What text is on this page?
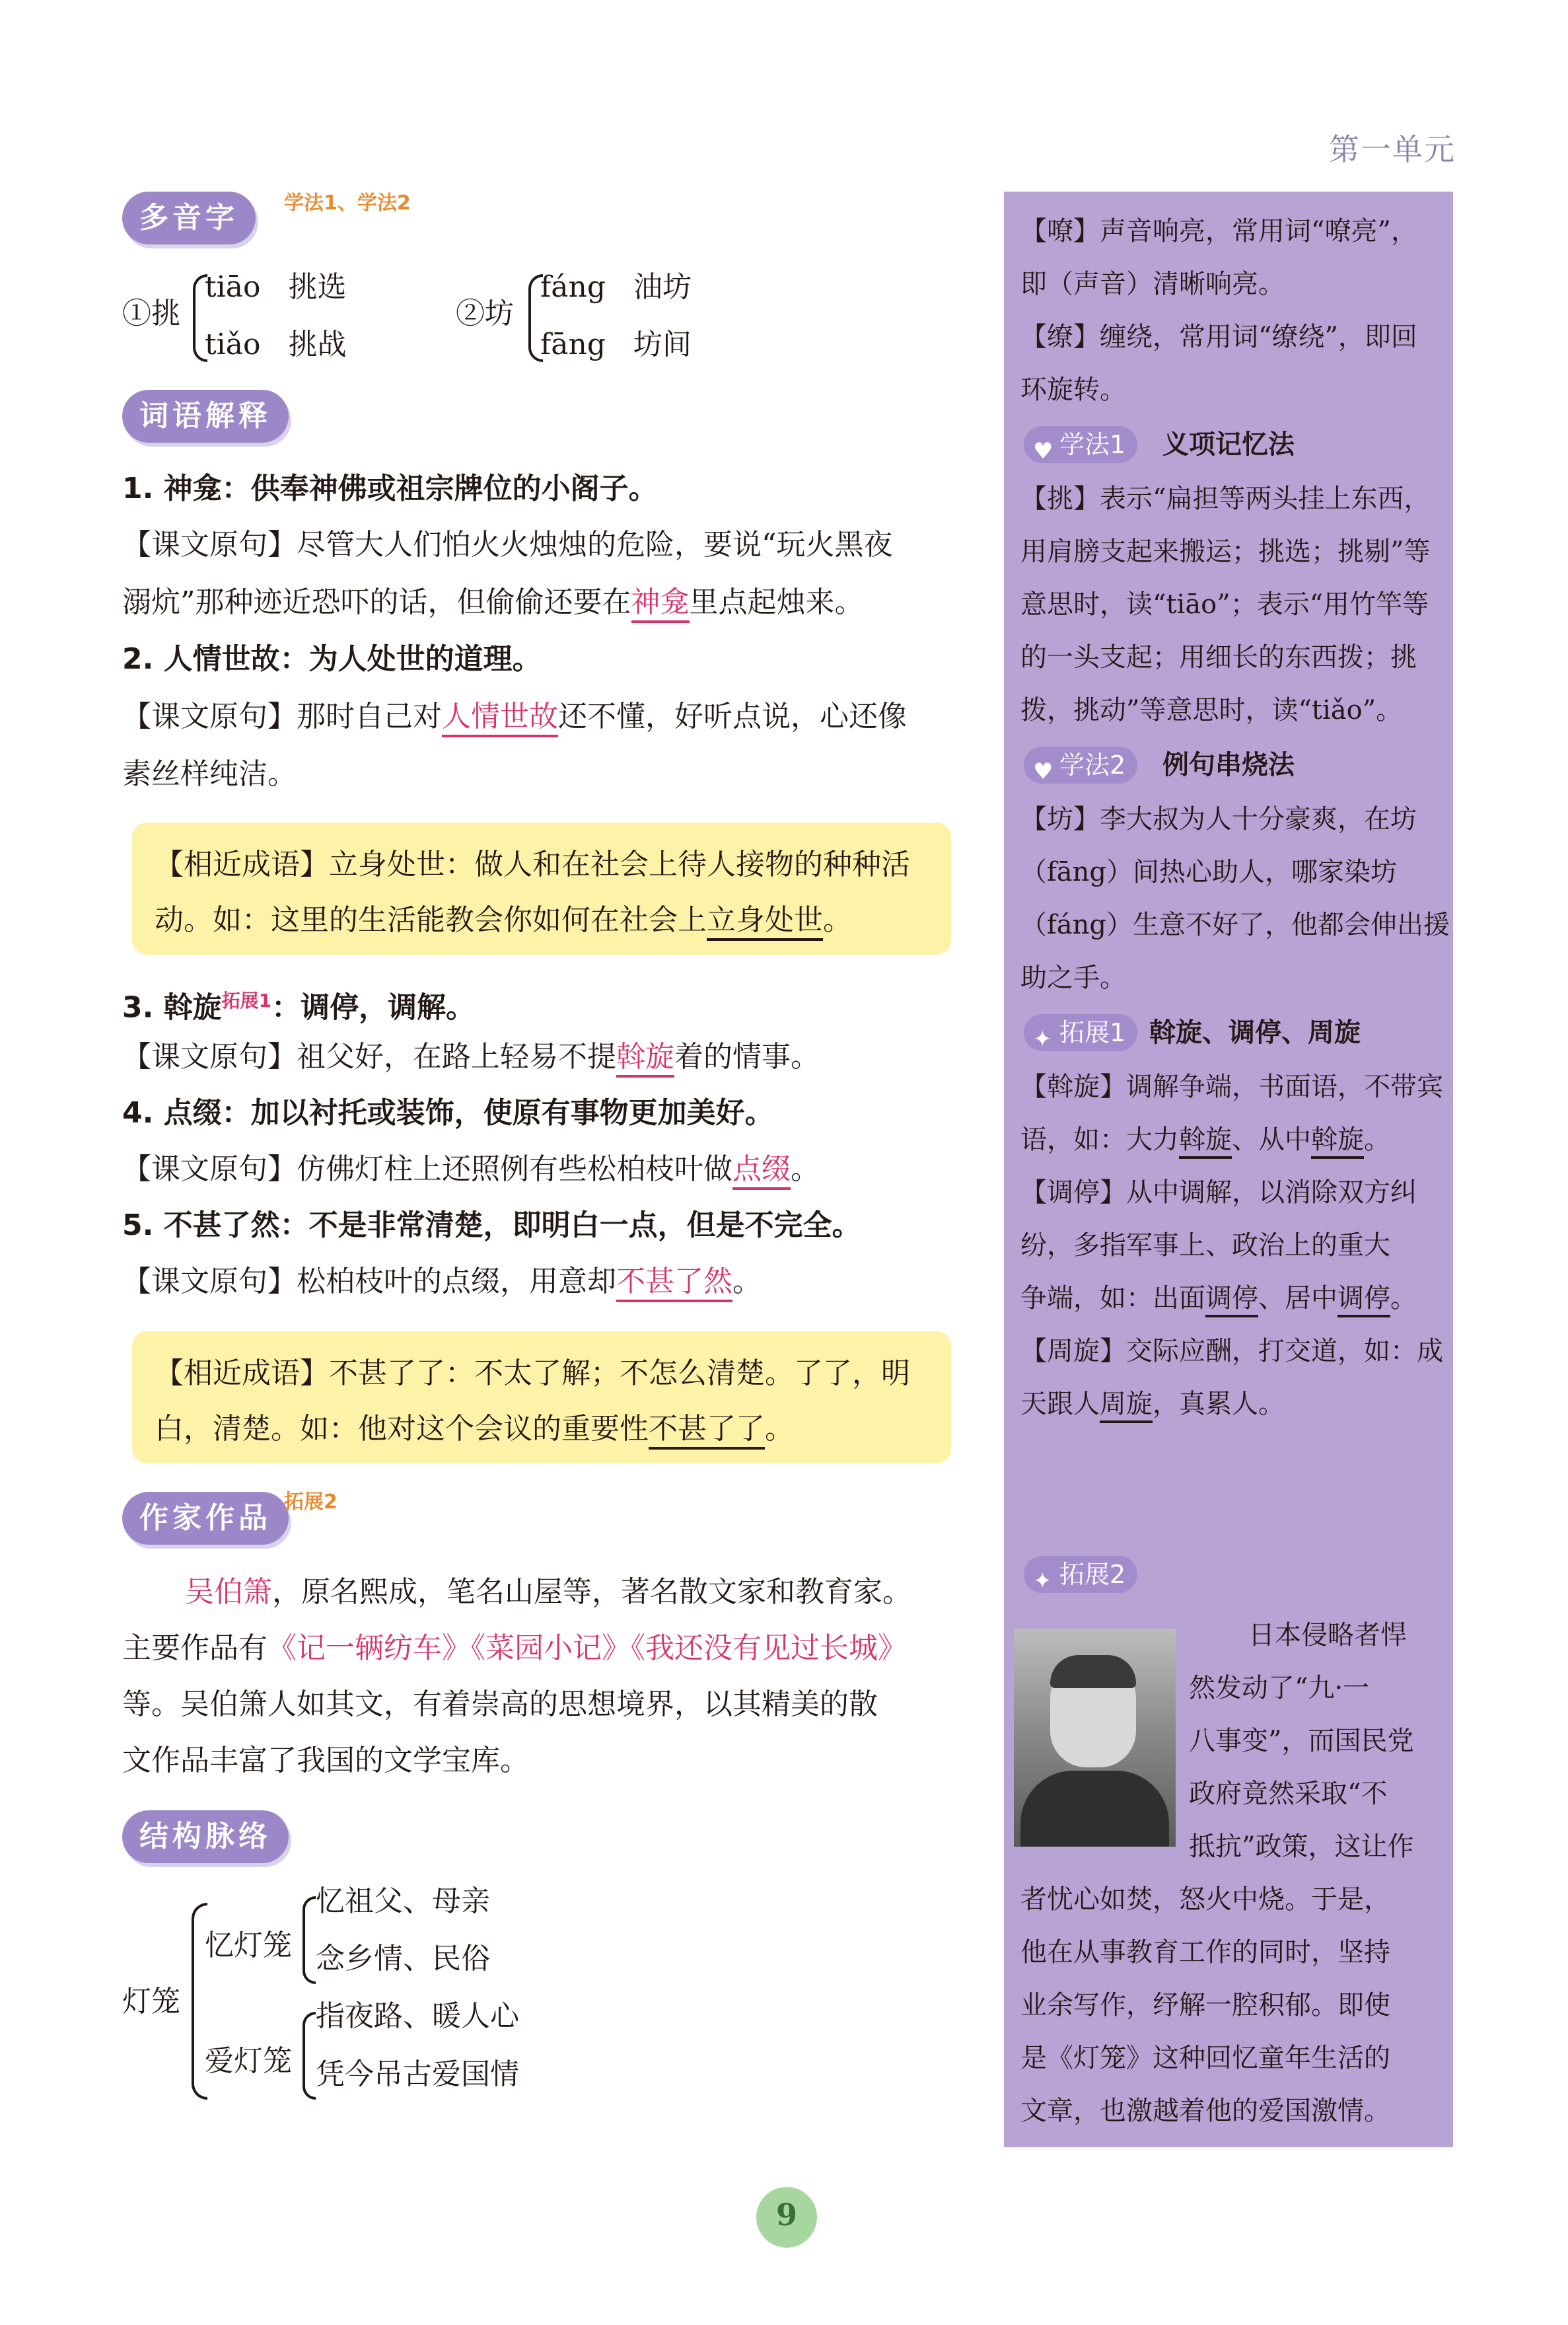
第一单元
多音字	学法1、学法2
①挑
tiāo 挑选
tiǎo 挑战
②坊
fáng 油坊
fāng 坊间
词语解释
1. 神龛：供奉神佛或祖宗牌位的小阁子。
【课文原句】尽管大人们怕火火烛烛的危险，要说“玩火黑夜
溺炕”那种迹近恐吓的话，但偷偷还要在神龛里点起烛来。
2. 人情世故：为人处世的道理。
【课文原句】那时自己对人情世故还不懂，好听点说，心还像
素丝样纯洁。
【相近成语】立身处世：做人和在社会上待人接物的种种活
动。如：这里的生活能教会你如何在社会上立身处世。
3. 斡旋$^{拓展1}$：调停，调解。
【课文原句】祖父好，在路上轻易不提斡旋着的情事。
4. 点缀：加以衬托或装饰，使原有事物更加美好。
【课文原句】仿佛灯柱上还照例有些松柏枝叶做点缀。
5. 不甚了然：不是非常清楚，即明白一点，但是不完全。
【课文原句】松柏枝叶的点缀，用意却不甚了然。
【相近成语】不甚了了：不太了解；不怎么清楚。了了，明
白，清楚。如：他对这个会议的重要性不甚了了。
作家作品 拓展2
吴伯箫，原名熙成，笔名山屋等，著名散文家和教育家。
主要作品有《记一辆纺车》《菜园小记》《我还没有见过长城》
等。吴伯箫人如其文，有着崇高的思想境界，以其精美的散
文作品丰富了我国的文学宝库。
结构脉络
灯笼
忆灯笼
忆祖父、母亲
念乡情、民俗
爱灯笼
指夜路、暖人心
凭今吊古爱国情
【嘹】声音响亮，常用词“嘹亮”，
即（声音）清晰响亮。
【缭】缠绕，常用词“缭绕”，即回
环旋转。
♥ 学法1	义项记忆法
【挑】表示“扁担等两头挂上东西，
用肩膀支起来搬运；挑选；挑剔”等
意思时，读“tiāo”；表示“用竹竿等
的一头支起；用细长的东西拨；挑
拨，挑动”等意思时，读“tiǎo”。
♥ 学法2	例句串烧法
【坊】李大叔为人十分豪爽，在坊
（fāng）间热心助人，哪家染坊
（fáng）生意不好了，他都会伸出援
助之手。
✦ 拓展1 斡旋、调停、周旋
【斡旋】调解争端，书面语，不带宾
语，如：大力斡旋、从中斡旋。
【调停】从中调解，以消除双方纠
纷，多指军事上、政治上的重大
争端，如：出面调停、居中调停。
【周旋】交际应酬，打交道，如：成
天跟人周旋，真累人。
✦ 拓展2
日本侵略者悍
然发动了“九·一
八事变”，而国民党
政府竟然采取“不
抵抗”政策，这让作
者忧心如焚，怒火中烧。于是，
他在从事教育工作的同时，坚持
业余写作，纾解一腔积郁。即使
是《灯笼》这种回忆童年生活的
文章，也激越着他的爱国激情。
9
